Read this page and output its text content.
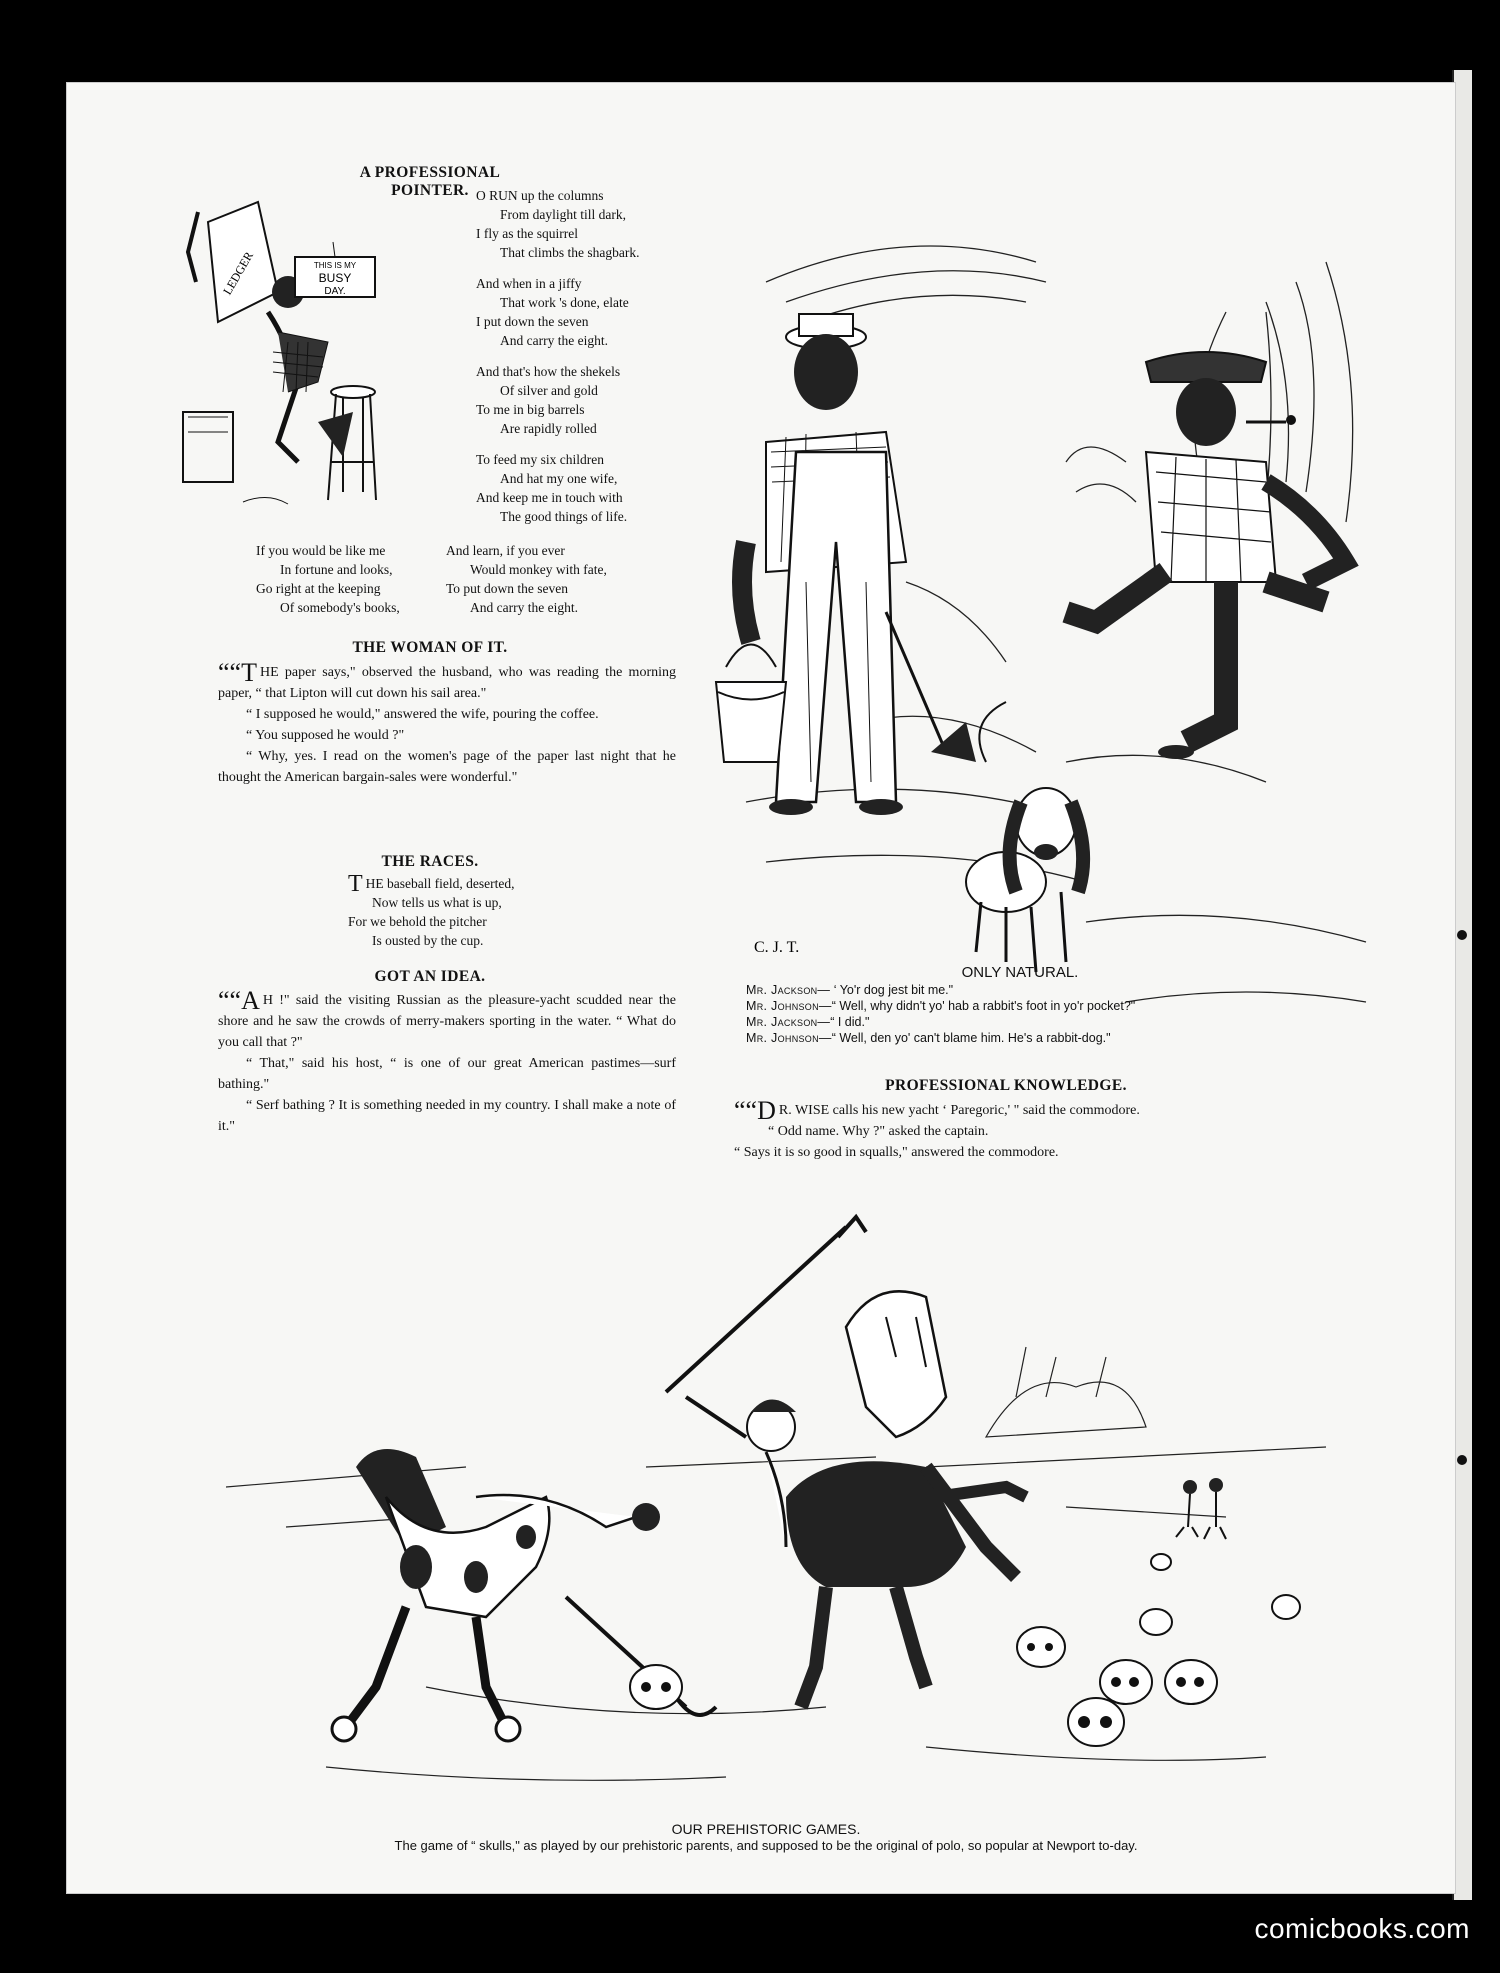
A PROFESSIONAL POINTER.
LEDGER	THIS IS MY
BUSY
DAY.
O RUN up the columns
From daylight till dark,
I fly as the squirrel
That climbs the shagbark.
And when in a jiffy
That work 's done, elate
I put down the seven
And carry the eight.
And that's how the shekels
Of silver and gold
To me in big barrels
Are rapidly rolled
To feed my six children
And hat my one wife,
And keep me in touch with
The good things of life.
If you would be like me
In fortune and looks,
Go right at the keeping
Of somebody's books,
And learn, if you ever
Would monkey with fate,
To put down the seven
And carry the eight.
THE WOMAN OF IT.

““T HE paper says," observed the husband, who was reading the morning paper, “ that Lipton will cut down his sail area."

“ I supposed he would," answered the wife, pouring the coffee.

“ You supposed he would ?"

“ Why, yes. I read on the women's page of the paper last night that he thought the American bargain-sales were wonderful."

THE RACES.
THE baseball field, deserted,
Now tells us what is up,
For we behold the pitcher
Is ousted by the cup.
GOT AN IDEA.

““A H !" said the visiting Russian as the pleasure-yacht scudded near the shore and he saw the crowds of merry-makers sporting in the water. “ What do you call that ?"

“ That," said his host, “ is one of our great American pastimes—surf bathing."

“ Serf bathing ? It is something needed in my country. I shall make a note of it."

C. J. T.
ONLY NATURAL.
Mr. Jackson— ‘ Yo'r dog jest bit me."
Mr. Johnson—“ Well, why didn't yo' hab a rabbit's foot in yo'r pocket?"
Mr. Jackson—“ I did."
Mr. Johnson—“ Well, den yo' can't blame him. He's a rabbit-dog."
PROFESSIONAL KNOWLEDGE.

““D R. WISE calls his new yacht ‘ Paregoric,' " said the commodore.

“ Odd name. Why ?" asked the captain.

“ Says it is so good in squalls," answered the commodore.

OUR PREHISTORIC GAMES.
The game of “ skulls," as played by our prehistoric parents, and supposed to be the original of polo, so popular at Newport to-day.
comicbooks.com
